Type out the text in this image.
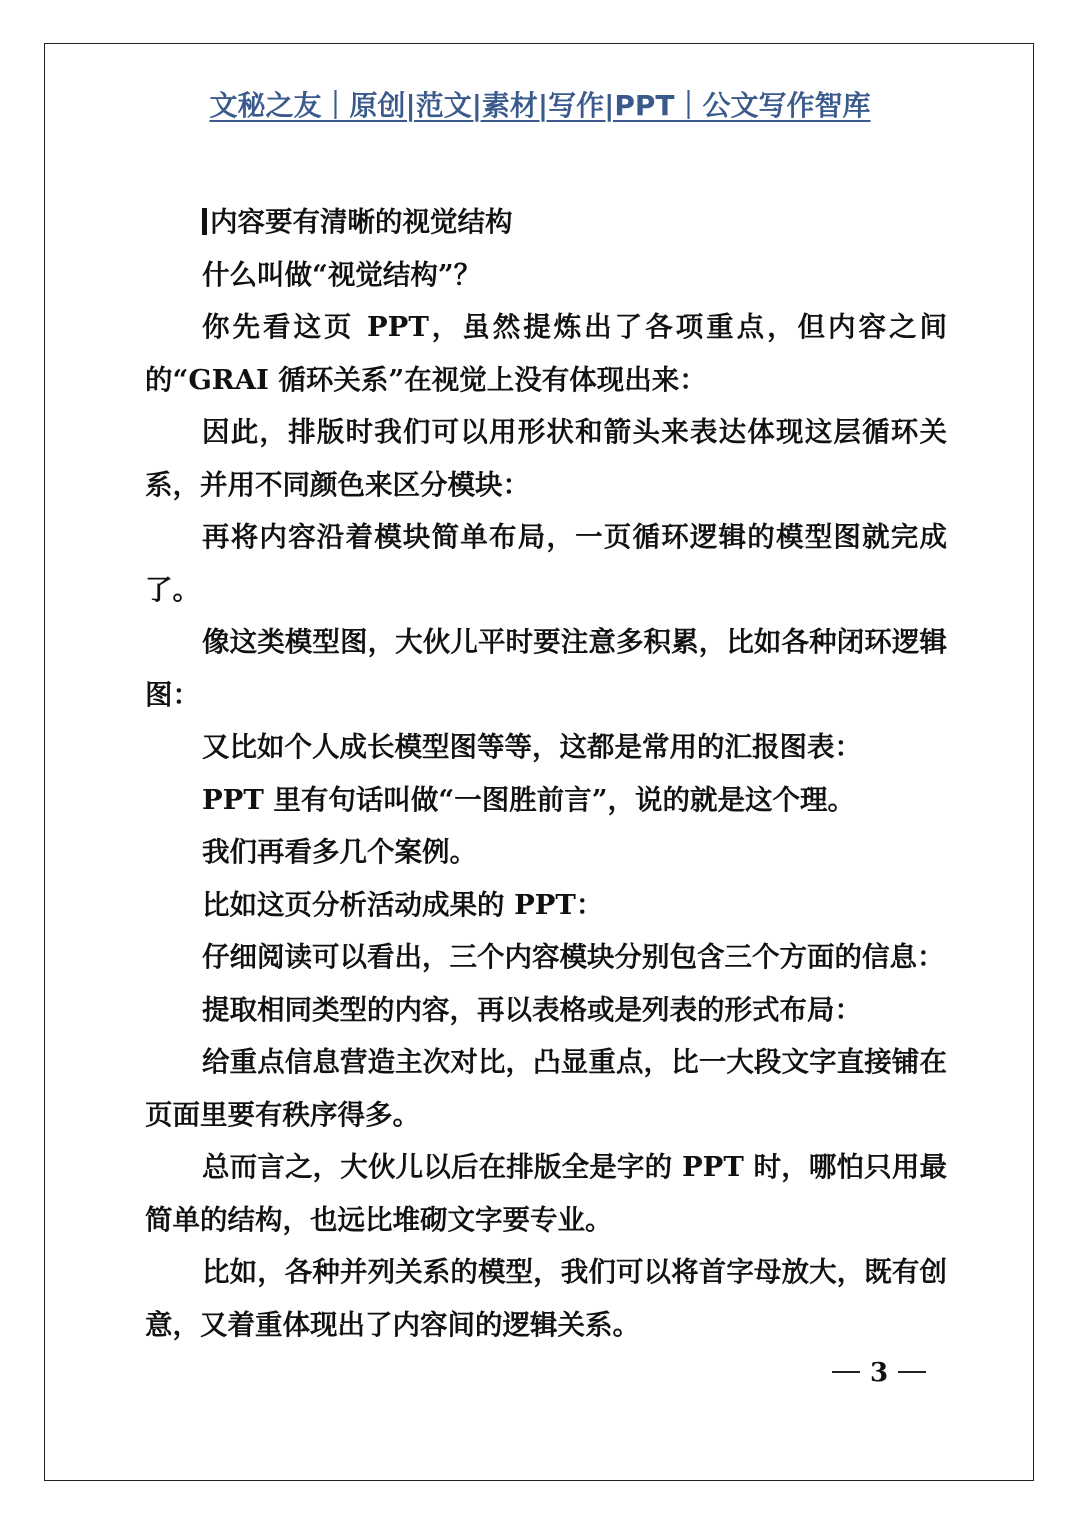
文秘之友｜原创|范文|素材|写作|PPT｜公文写作智库

内容要有清晰的视觉结构

什么叫做“视觉结构”？

你先看这页 PPT，虽然提炼出了各项重点，但内容之间的“GRAI 循环关系”在视觉上没有体现出来：

因此，排版时我们可以用形状和箭头来表达体现这层循环关系，并用不同颜色来区分模块：

再将内容沿着模块简单布局，一页循环逻辑的模型图就完成了。

像这类模型图，大伙儿平时要注意多积累，比如各种闭环逻辑图：

又比如个人成长模型图等等，这都是常用的汇报图表：

PPT 里有句话叫做“一图胜前言”，说的就是这个理。

我们再看多几个案例。

比如这页分析活动成果的 PPT：

仔细阅读可以看出，三个内容模块分别包含三个方面的信息：

提取相同类型的内容，再以表格或是列表的形式布局：

给重点信息营造主次对比，凸显重点，比一大段文字直接铺在页面里要有秩序得多。

总而言之，大伙儿以后在排版全是字的 PPT 时，哪怕只用最简单的结构，也远比堆砌文字要专业。

比如，各种并列关系的模型，我们可以将首字母放大，既有创意，又着重体现出了内容间的逻辑关系。

3
